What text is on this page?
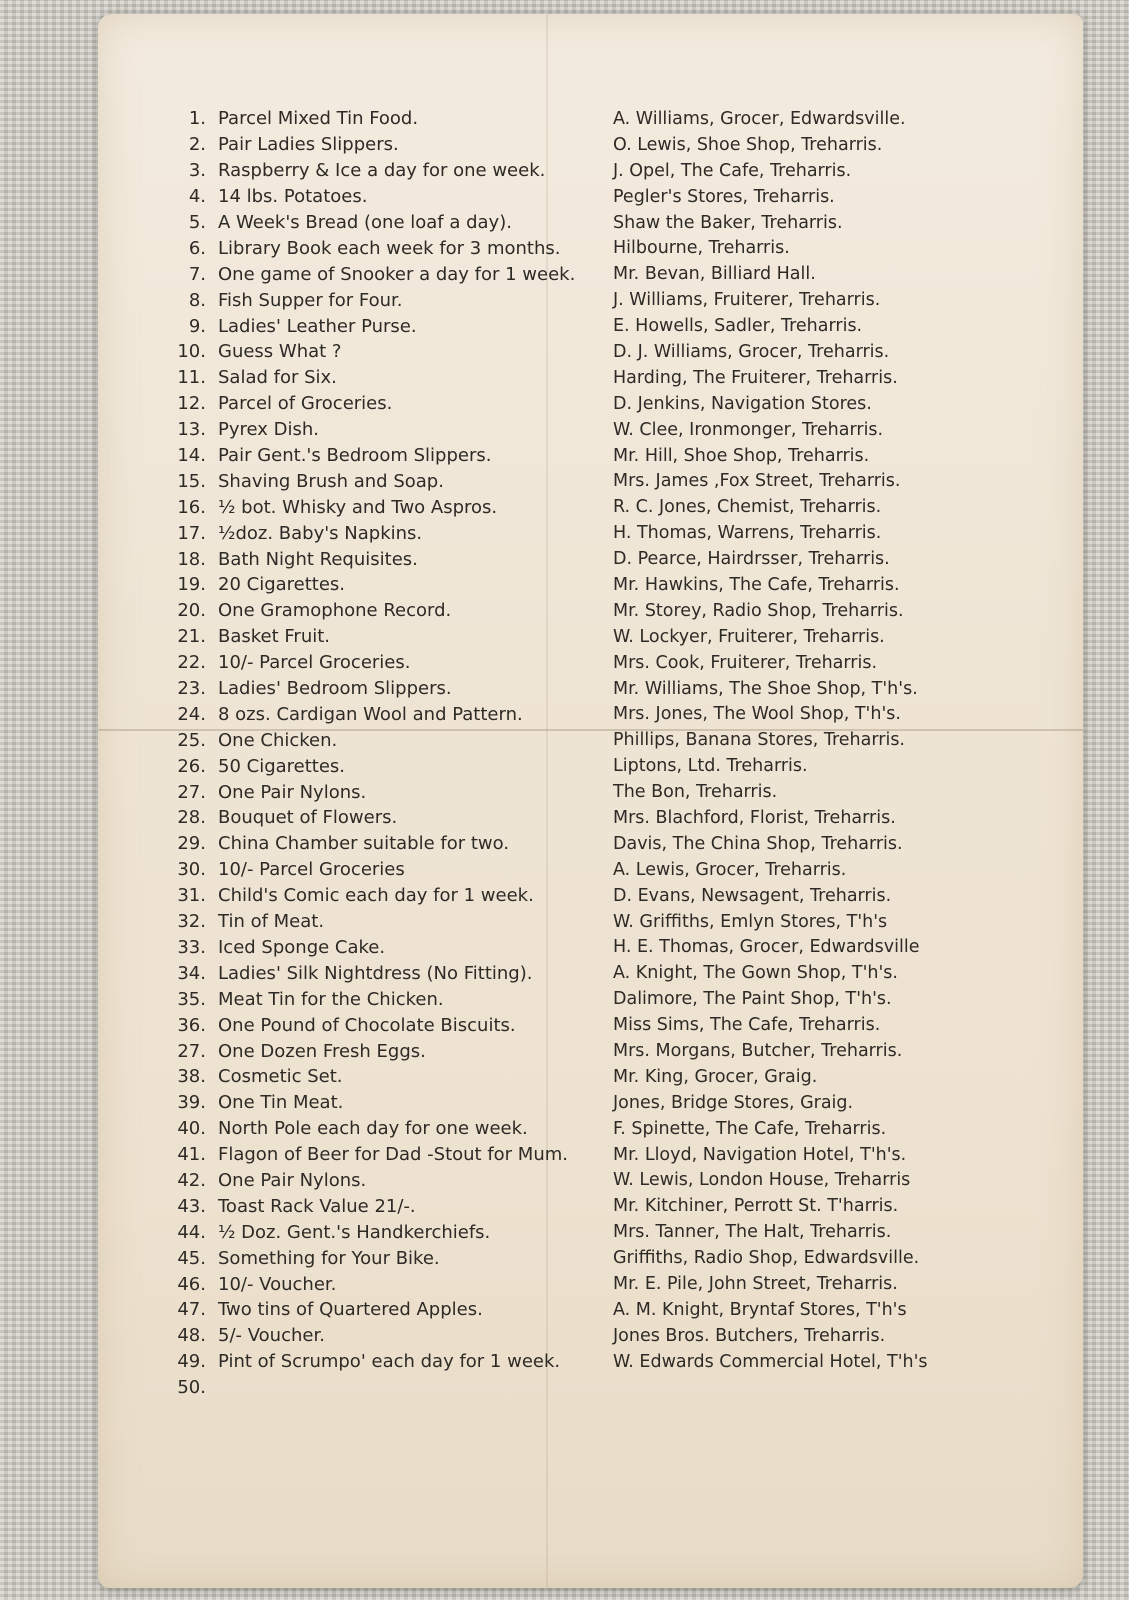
1. Parcel Mixed Tin Food.	A. Williams, Grocer, Edwardsville.
2. Pair Ladies Slippers.	O. Lewis, Shoe Shop, Treharris.
3. Raspberry & Ice a day for one week.	J. Opel, The Cafe, Treharris.
4. 14 lbs. Potatoes.	Pegler's Stores, Treharris.
5. A Week's Bread (one loaf a day).	Shaw the Baker, Treharris.
6. Library Book each week for 3 months.	Hilbourne, Treharris.
7. One game of Snooker a day for 1 week.	Mr. Bevan, Billiard Hall.
8. Fish Supper for Four.	J. Williams, Fruiterer, Treharris.
9. Ladies' Leather Purse.	E. Howells, Sadler, Treharris.
10. Guess What ?	D. J. Williams, Grocer, Treharris.
11. Salad for Six.	Harding, The Fruiterer, Treharris.
12. Parcel of Groceries.	D. Jenkins, Navigation Stores.
13. Pyrex Dish.	W. Clee, Ironmonger, Treharris.
14. Pair Gent.'s Bedroom Slippers.	Mr. Hill, Shoe Shop, Treharris.
15. Shaving Brush and Soap.	Mrs. James ,Fox Street, Treharris.
16. ½ bot. Whisky and Two Aspros.	R. C. Jones, Chemist, Treharris.
17. ½doz. Baby's Napkins.	H. Thomas, Warrens, Treharris.
18. Bath Night Requisites.	D. Pearce, Hairdrsser, Treharris.
19. 20 Cigarettes.	Mr. Hawkins, The Cafe, Treharris.
20. One Gramophone Record.	Mr. Storey, Radio Shop, Treharris.
21. Basket Fruit.	W. Lockyer, Fruiterer, Treharris.
22. 10/- Parcel Groceries.	Mrs. Cook, Fruiterer, Treharris.
23. Ladies' Bedroom Slippers.	Mr. Williams, The Shoe Shop, T'h's.
24. 8 ozs. Cardigan Wool and Pattern.	Mrs. Jones, The Wool Shop, T'h's.
25. One Chicken.	Phillips, Banana Stores, Treharris.
26. 50 Cigarettes.	Liptons, Ltd. Treharris.
27. One Pair Nylons.	The Bon, Treharris.
28. Bouquet of Flowers.	Mrs. Blachford, Florist, Treharris.
29. China Chamber suitable for two.	Davis, The China Shop, Treharris.
30. 10/- Parcel Groceries	A. Lewis, Grocer, Treharris.
31. Child's Comic each day for 1 week.	D. Evans, Newsagent, Treharris.
32. Tin of Meat.	W. Griffiths, Emlyn Stores, T'h's
33. Iced Sponge Cake.	H. E. Thomas, Grocer, Edwardsville
34. Ladies' Silk Nightdress (No Fitting).	A. Knight, The Gown Shop, T'h's.
35. Meat Tin for the Chicken.	Dalimore, The Paint Shop, T'h's.
36. One Pound of Chocolate Biscuits.	Miss Sims, The Cafe, Treharris.
27. One Dozen Fresh Eggs.	Mrs. Morgans, Butcher, Treharris.
38. Cosmetic Set.	Mr. King, Grocer, Graig.
39. One Tin Meat.	Jones, Bridge Stores, Graig.
40. North Pole each day for one week.	F. Spinette, The Cafe, Treharris.
41. Flagon of Beer for Dad -Stout for Mum.	Mr. Lloyd, Navigation Hotel, T'h's.
42. One Pair Nylons.	W. Lewis, London House, Treharris
43. Toast Rack Value 21/-.	Mr. Kitchiner, Perrott St. T'harris.
44. ½ Doz. Gent.'s Handkerchiefs.	Mrs. Tanner, The Halt, Treharris.
45. Something for Your Bike.	Griffiths, Radio Shop, Edwardsville.
46. 10/- Voucher.	Mr. E. Pile, John Street, Treharris.
47. Two tins of Quartered Apples.	A. M. Knight, Bryntaf Stores, T'h's
48. 5/- Voucher.	Jones Bros. Butchers, Treharris.
49. Pint of Scrumpo' each day for 1 week.	W. Edwards Commercial Hotel, T'h's
50.
